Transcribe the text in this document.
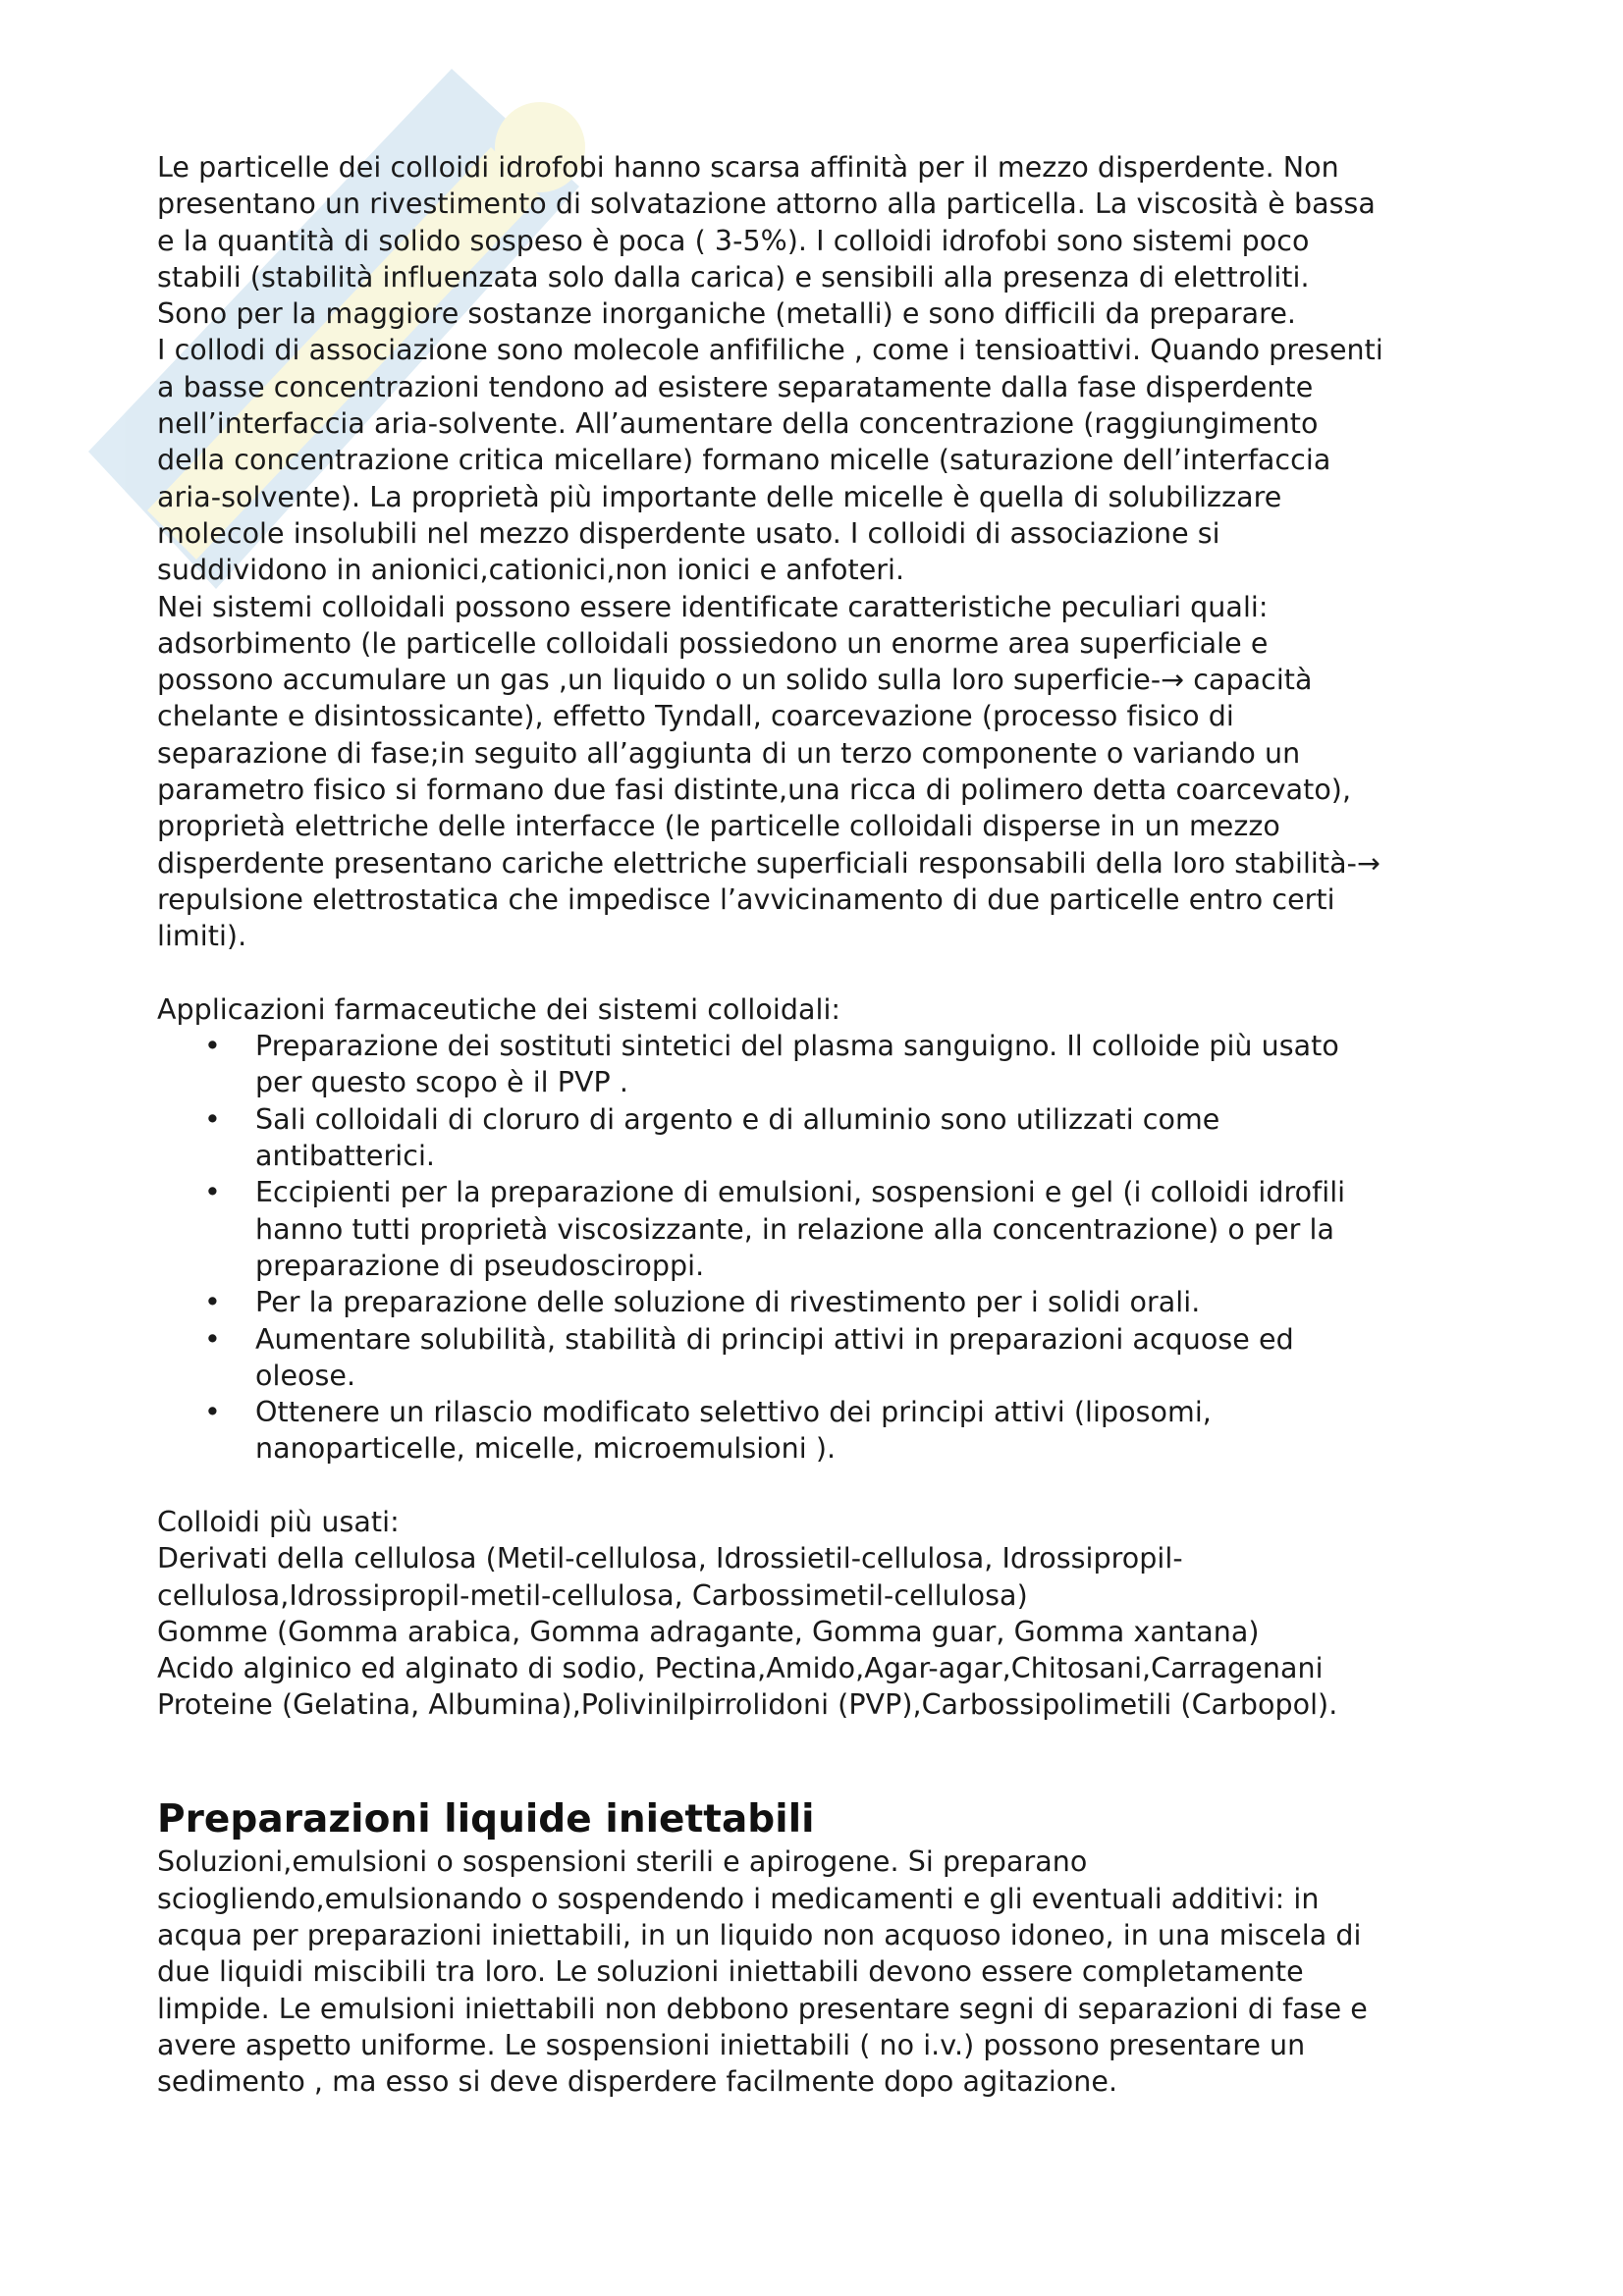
Le particelle dei colloidi idrofobi hanno scarsa affinità per il mezzo disperdente. Non
presentano un rivestimento di solvatazione attorno alla particella. La viscosità è bassa
e la quantità di solido sospeso è poca ( 3-5%). I colloidi idrofobi sono sistemi poco
stabili (stabilità influenzata solo dalla carica) e sensibili alla presenza di elettroliti.
Sono per la maggiore sostanze inorganiche (metalli) e sono difficili da preparare.
I collodi di associazione sono molecole anfifiliche , come i tensioattivi. Quando presenti
a basse concentrazioni tendono ad esistere separatamente dalla fase disperdente
nell’interfaccia aria-solvente. All’aumentare della concentrazione (raggiungimento
della concentrazione critica micellare) formano micelle (saturazione dell’interfaccia
aria-solvente). La proprietà più importante delle micelle è quella di solubilizzare
molecole insolubili nel mezzo disperdente usato. I colloidi di associazione si
suddividono in anionici,cationici,non ionici e anfoteri.
Nei sistemi colloidali possono essere identificate caratteristiche peculiari quali:
adsorbimento (le particelle colloidali possiedono un enorme area superficiale e
possono accumulare un gas ,un liquido o un solido sulla loro superficie-→ capacità
chelante e disintossicante), effetto Tyndall, coarcevazione (processo fisico di
separazione di fase;in seguito all’aggiunta di un terzo componente o variando un
parametro fisico si formano due fasi distinte,una ricca di polimero detta coarcevato),
proprietà elettriche delle interfacce (le particelle colloidali disperse in un mezzo
disperdente presentano cariche elettriche superficiali responsabili della loro stabilità-→
repulsione elettrostatica che impedisce l’avvicinamento di due particelle entro certi
limiti).

Applicazioni farmaceutiche dei sistemi colloidali:

• Preparazione dei sostituti sintetici del plasma sanguigno. Il colloide più usato
per questo scopo è il PVP .
• Sali colloidali di cloruro di argento e di alluminio sono utilizzati come
antibatterici.
• Eccipienti per la preparazione di emulsioni, sospensioni e gel (i colloidi idrofili
hanno tutti proprietà viscosizzante, in relazione alla concentrazione) o per la
preparazione di pseudosciroppi.
• Per la preparazione delle soluzione di rivestimento per i solidi orali.
• Aumentare solubilità, stabilità di principi attivi in preparazioni acquose ed
oleose.
• Ottenere un rilascio modificato selettivo dei principi attivi (liposomi,
nanoparticelle, micelle, microemulsioni ).

Colloidi più usati:

Derivati della cellulosa (Metil-cellulosa, Idrossietil-cellulosa, Idrossipropil-
cellulosa,Idrossipropil-metil-cellulosa, Carbossimetil-cellulosa)
Gomme (Gomma arabica, Gomma adragante, Gomma guar, Gomma xantana)
Acido alginico ed alginato di sodio, Pectina,Amido,Agar-agar,Chitosani,Carragenani
Proteine (Gelatina, Albumina),Polivinilpirrolidoni (PVP),Carbossipolimetili (Carbopol).

Preparazioni liquide iniettabili

Soluzioni,emulsioni o sospensioni sterili e apirogene. Si preparano
sciogliendo,emulsionando o sospendendo i medicamenti e gli eventuali additivi: in
acqua per preparazioni iniettabili, in un liquido non acquoso idoneo, in una miscela di
due liquidi miscibili tra loro. Le soluzioni iniettabili devono essere completamente
limpide. Le emulsioni iniettabili non debbono presentare segni di separazioni di fase e
avere aspetto uniforme. Le sospensioni iniettabili ( no i.v.) possono presentare un
sedimento , ma esso si deve disperdere facilmente dopo agitazione.
